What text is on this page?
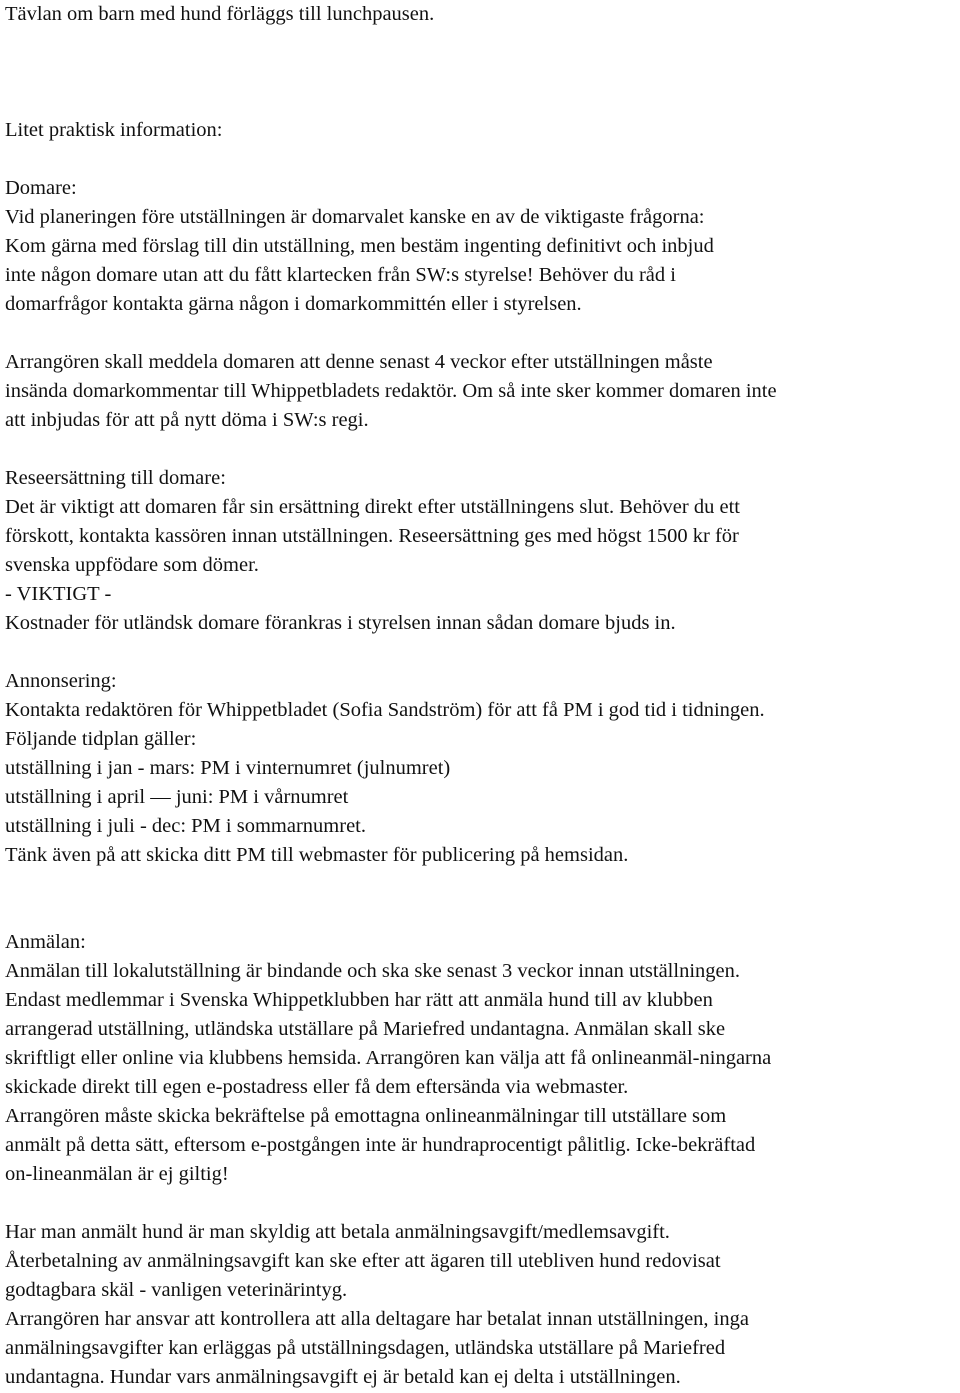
Tävlan om barn med hund förläggs till lunchpausen.
Litet praktisk information:
Domare:
Vid planeringen före utställningen är domarvalet kanske en av de viktigaste frågorna:
Kom gärna med förslag till din utställning, men bestäm ingenting definitivt och inbjud
inte någon domare utan att du fått klartecken från SW:s styrelse! Behöver du råd i
domarfrågor kontakta gärna någon i domarkommittén eller i styrelsen.
Arrangören skall meddela domaren att denne senast 4 veckor efter utställningen måste
insända domarkommentar till Whippetbladets redaktör. Om så inte sker kommer domaren inte
att inbjudas för att på nytt döma i SW:s regi.
Reseersättning till domare:
Det är viktigt att domaren får sin ersättning direkt efter utställningens slut. Behöver du ett
förskott, kontakta kassören innan utställningen. Reseersättning ges med högst 1500 kr för
svenska uppfödare som dömer.
- VIKTIGT -
Kostnader för utländsk domare förankras i styrelsen innan sådan domare bjuds in.
Annonsering:
Kontakta redaktören för Whippetbladet (Sofia Sandström) för att få PM i god tid i tidningen.
Följande tidplan gäller:
utställning i jan - mars: PM i vinternumret (julnumret)
utställning i april — juni: PM i vårnumret
utställning i juli - dec: PM i sommarnumret.
Tänk även på att skicka ditt PM till webmaster för publicering på hemsidan.
Anmälan:
Anmälan till lokalutställning är bindande och ska ske senast 3 veckor innan utställningen.
Endast medlemmar i Svenska Whippetklubben har rätt att anmäla hund till av klubben
arrangerad utställning, utländska utställare på Mariefred undantagna. Anmälan skall ske
skriftligt eller online via klubbens hemsida. Arrangören kan välja att få onlineanmäl-ningarna
skickade direkt till egen e-postadress eller få dem eftersända via webmaster.
Arrangören måste skicka bekräftelse på emottagna onlineanmälningar till utställare som
anmält på detta sätt, eftersom e-postgången inte är hundraprocentigt pålitlig. Icke-bekräftad
on-lineanmälan är ej giltig!
Har man anmält hund är man skyldig att betala anmälningsavgift/medlemsavgift.
Återbetalning av anmälningsavgift kan ske efter att ägaren till utebliven hund redovisat
godtagbara skäl - vanligen veterinärintyg.
Arrangören har ansvar att kontrollera att alla deltagare har betalat innan utställningen, inga
anmälningsavgifter kan erläggas på utställningsdagen, utländska utställare på Mariefred
undantagna. Hundar vars anmälningsavgift ej är betald kan ej delta i utställningen.
